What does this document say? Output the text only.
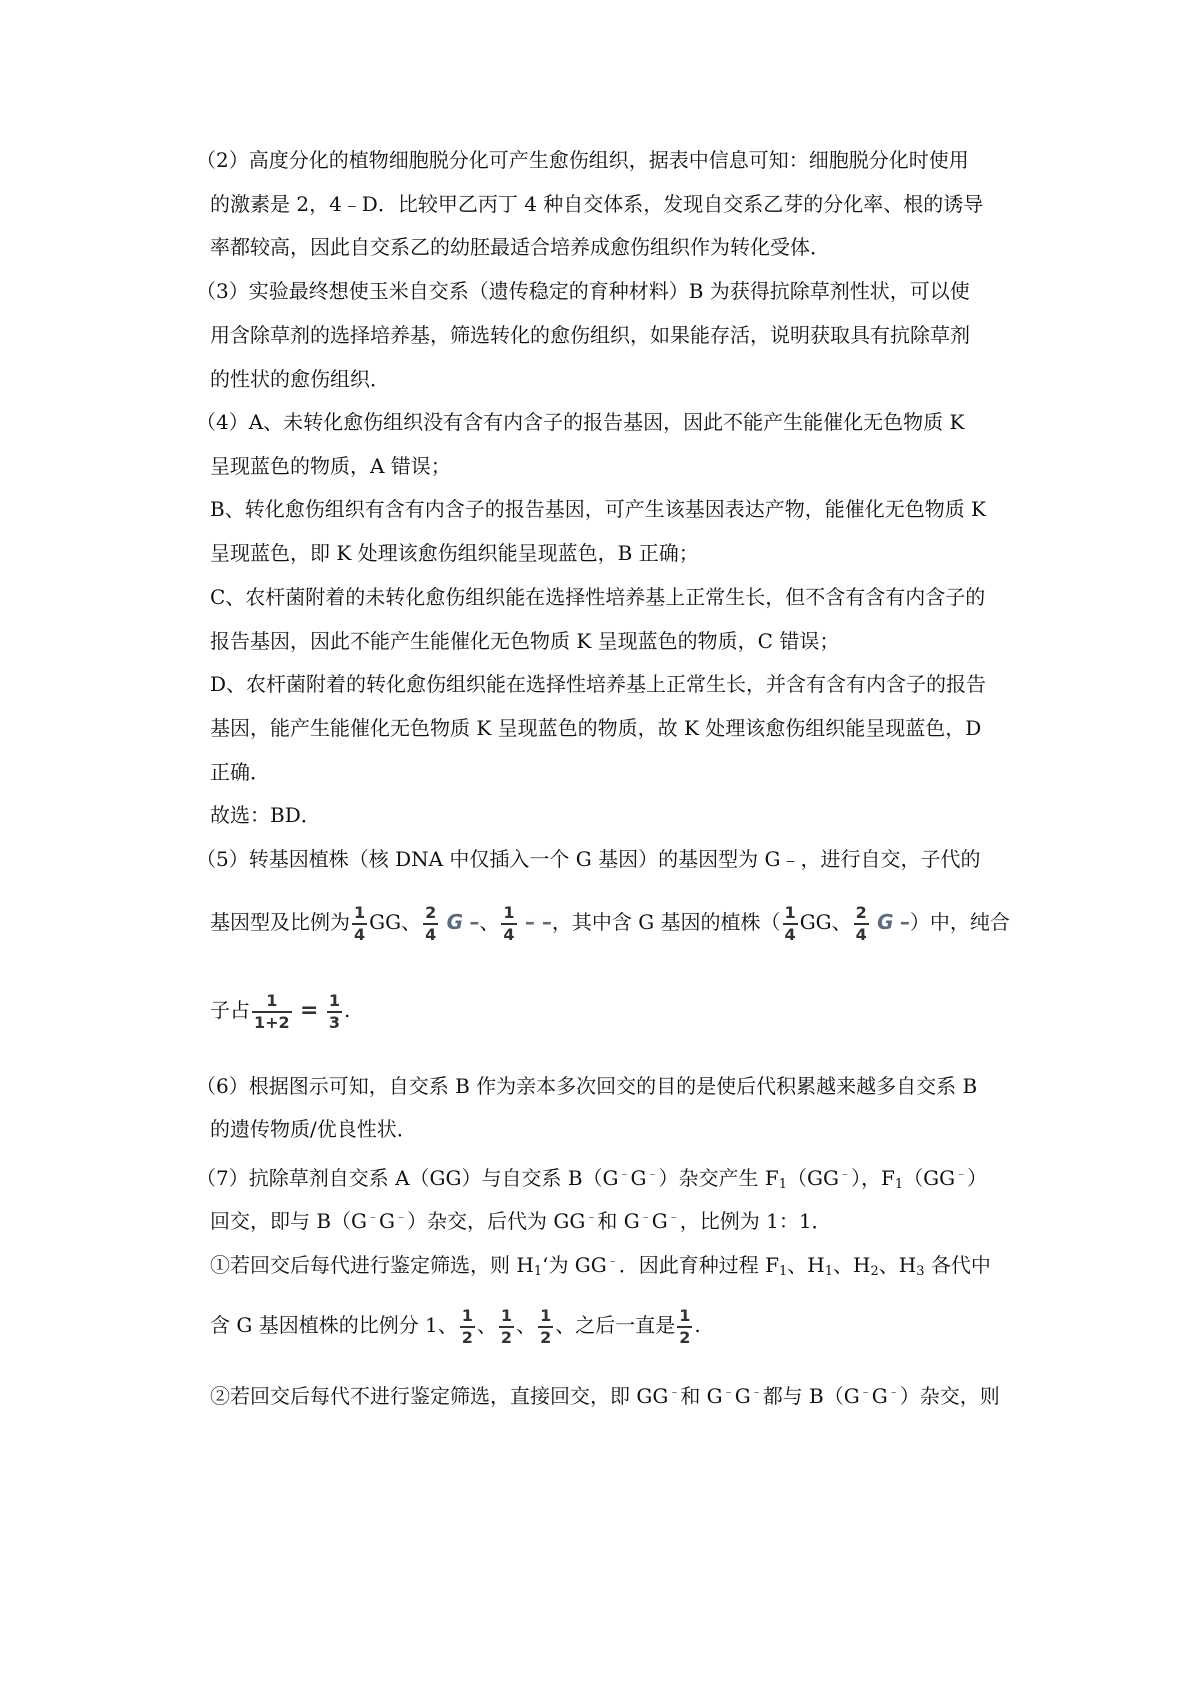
（2）高度分化的植物细胞脱分化可产生愈伤组织，据表中信息可知：细胞脱分化时使用
的激素是 2，4﹣D．比较甲乙丙丁 4 种自交体系，发现自交系乙芽的分化率、根的诱导
率都较高，因此自交系乙的幼胚最适合培养成愈伤组织作为转化受体．
（3）实验最终想使玉米自交系（遗传稳定的育种材料）B 为获得抗除草剂性状，可以使
用含除草剂的选择培养基，筛选转化的愈伤组织，如果能存活，说明获取具有抗除草剂
的性状的愈伤组织．
（4）A、未转化愈伤组织没有含有内含子的报告基因，因此不能产生能催化无色物质 K
呈现蓝色的物质，A 错误；
B、转化愈伤组织有含有内含子的报告基因，可产生该基因表达产物，能催化无色物质 K
呈现蓝色，即 K 处理该愈伤组织能呈现蓝色，B 正确；
C、农杆菌附着的未转化愈伤组织能在选择性培养基上正常生长，但不含有含有内含子的
报告基因，因此不能产生能催化无色物质 K 呈现蓝色的物质，C 错误；
D、农杆菌附着的转化愈伤组织能在选择性培养基上正常生长，并含有含有内含子的报告
基因，能产生能催化无色物质 K 呈现蓝色的物质，故 K 处理该愈伤组织能呈现蓝色，D
正确．
故选：BD．
（5）转基因植株（核 DNA 中仅插入一个 G 基因）的基因型为 G﹣，进行自交，子代的
基因型及比例为 $\frac{1}{4}$ GG、 $\frac{2}{4}$ G –、 $\frac{1}{4}$ – –，其中含 G 基因的植株（ $\frac{1}{4}$ GG、 $\frac{2}{4}$ G –）中，纯合
子占 $\frac{1}{1+2} = \frac{1}{3}$ .
（6）根据图示可知，自交系 B 作为亲本多次回交的目的是使后代积累越来越多自交系 B
的遗传物质/优良性状．
（7）抗除草剂自交系 A（GG）与自交系 B（G﹣G﹣）杂交产生 $F_1(GG^﹣)$，$F_1(GG^﹣)$
回交，即与 B（G﹣G﹣）杂交，后代为 GG﹣和 G﹣G﹣，比例为 1：1．
①若回交后每代进行鉴定筛选，则 $H_1‘$为 GG﹣．因此育种过程 $F_1$、$H_1$、$H_2$、$H_3$ 各代中
含 G 基因植株的比例分 1、 $\frac{1}{2}$ 、 $\frac{1}{2}$ 、 $\frac{1}{2}$ 、之后一直是 $\frac{1}{2}$ .
②若回交后每代不进行鉴定筛选，直接回交，即 GG﹣和 G﹣G﹣都与 B（G﹣G﹣）杂交，则
